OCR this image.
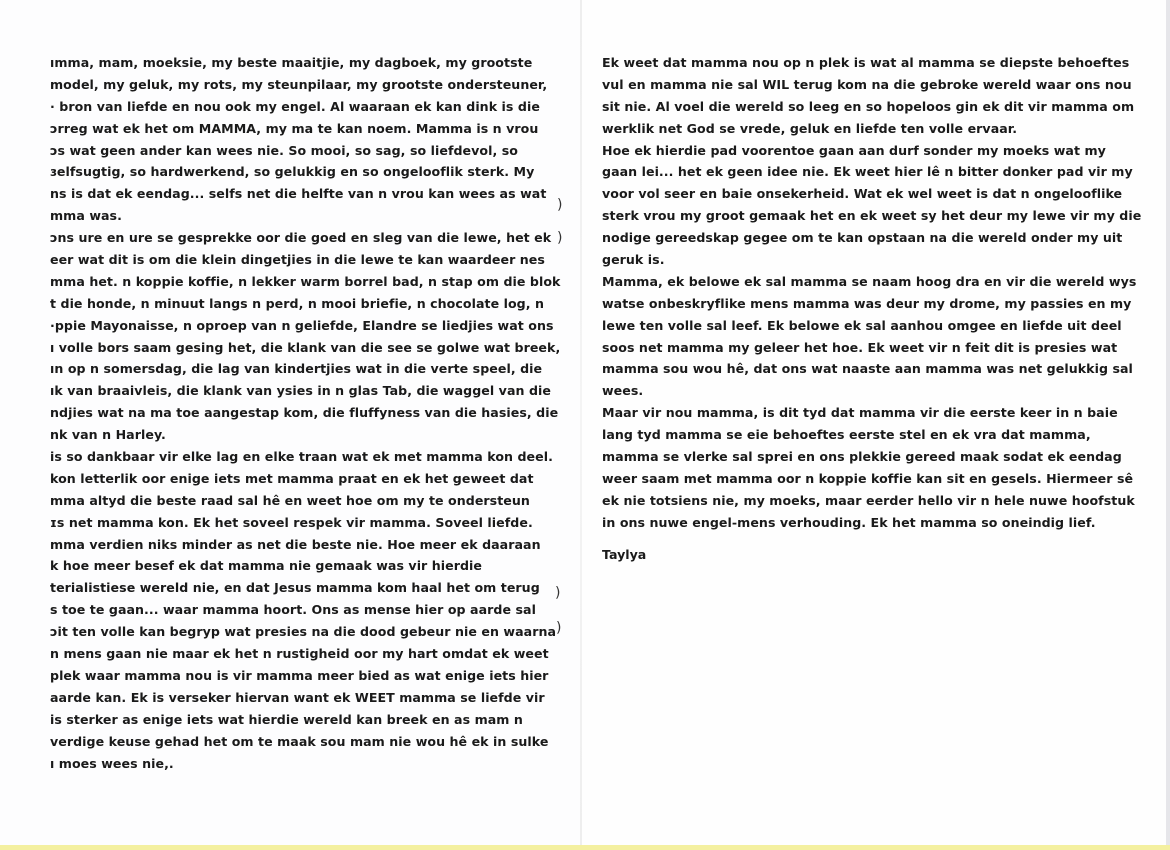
ımma, mam, moeksie, my beste maaitjie, my dagboek, my grootste
model, my geluk, my rots, my steunpilaar, my grootste ondersteuner,
· bron van liefde en nou ook my engel. Al waaraan ek kan dink is die
ɔrreg wat ek het om MAMMA, my ma te kan noem. Mamma is n vrou
ɔs wat geen ander kan wees nie. So mooi, so sag, so liefdevol, so
ɜelfsugtig, so hardwerkend, so gelukkig en so ongelooflik sterk. My
ns is dat ek eendag... selfs net die helfte van n vrou kan wees as wat
mma was.
ɔns ure en ure se gesprekke oor die goed en sleg van die lewe, het ek
eer wat dit is om die klein dingetjies in die lewe te kan waardeer nes
mma het. n koppie koffie, n lekker warm borrel bad, n stap om die blok
t die honde, n minuut langs n perd, n mooi briefie, n chocolate log, n
·ppie Mayonaisse, n oproep van n geliefde, Elandre se liedjies wat ons
ı volle bors saam gesing het, die klank van die see se golwe wat breek,
ın op n somersdag, die lag van kindertjies wat in die verte speel, die
ık van braaivleis, die klank van ysies in n glas Tab, die waggel van die
ndjies wat na ma toe aangestap kom, die fluffyness van die hasies, die
nk van n Harley.
is so dankbaar vir elke lag en elke traan wat ek met mamma kon deel.
kon letterlik oor enige iets met mamma praat en ek het geweet dat
mma altyd die beste raad sal hê en weet hoe om my te ondersteun
ɪs net mamma kon. Ek het soveel respek vir mamma. Soveel liefde.
mma verdien niks minder as net die beste nie. Hoe meer ek daaraan
k hoe meer besef ek dat mamma nie gemaak was vir hierdie
terialistiese wereld nie, en dat Jesus mamma kom haal het om terug
s toe te gaan... waar mamma hoort. Ons as mense hier op aarde sal
ɔit ten volle kan begryp wat presies na die dood gebeur nie en waarna
n mens gaan nie maar ek het n rustigheid oor my hart omdat ek weet
plek waar mamma nou is vir mamma meer bied as wat enige iets hier
aarde kan. Ek is verseker hiervan want ek WEET mamma se liefde vir
is sterker as enige iets wat hierdie wereld kan breek en as mam n
verdige keuse gehad het om te maak sou mam nie wou hê ek in sulke
ı moes wees nie,.
Ek weet dat mamma nou op n plek is wat al mamma se diepste behoeftes
vul en mamma nie sal WIL terug kom na die gebroke wereld waar ons nou
sit nie. Al voel die wereld so leeg en so hopeloos gin ek dit vir mamma om
werklik net God se vrede, geluk en liefde ten volle ervaar.
Hoe ek hierdie pad voorentoe gaan aan durf sonder my moeks wat my
gaan lei... het ek geen idee nie. Ek weet hier lê n bitter donker pad vir my
voor vol seer en baie onsekerheid. Wat ek wel weet is dat n ongelooflike
sterk vrou my groot gemaak het en ek weet sy het deur my lewe vir my die
nodige gereedskap gegee om te kan opstaan na die wereld onder my uit
geruk is.
Mamma, ek belowe ek sal mamma se naam hoog dra en vir die wereld wys
watse onbeskryflike mens mamma was deur my drome, my passies en my
lewe ten volle sal leef. Ek belowe ek sal aanhou omgee en liefde uit deel
soos net mamma my geleer het hoe. Ek weet vir n feit dit is presies wat
mamma sou wou hê, dat ons wat naaste aan mamma was net gelukkig sal
wees.
Maar vir nou mamma, is dit tyd dat mamma vir die eerste keer in n baie
lang tyd mamma se eie behoeftes eerste stel en ek vra dat mamma,
mamma se vlerke sal sprei en ons plekkie gereed maak sodat ek eendag
weer saam met mamma oor n koppie koffie kan sit en gesels. Hiermeer sê
ek nie totsiens nie, my moeks, maar eerder hello vir n hele nuwe hoofstuk
in ons nuwe engel-mens verhouding. Ek het mamma so oneindig lief.
Taylya
)
)
)
)
